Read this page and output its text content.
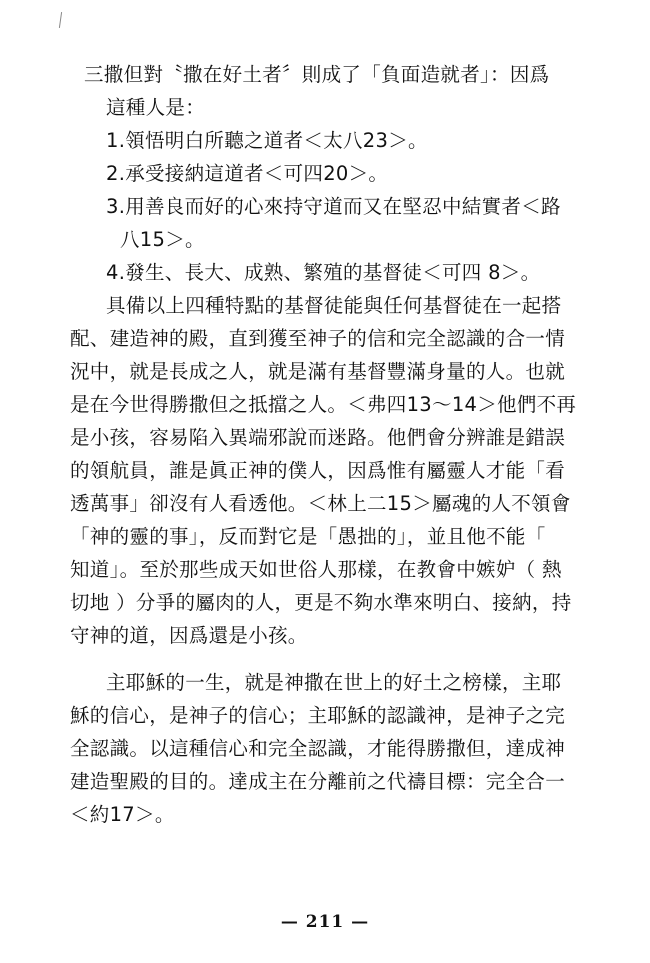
三撒但對〝撒在好土者〞則成了「負面造就者」：因爲
這種人是：
1.領悟明白所聽之道者＜太八23＞。
2.承受接納這道者＜可四20＞。
3.用善良而好的心來持守道而又在堅忍中結實者＜路
八15＞。
4.發生、長大、成熟、繁殖的基督徒＜可四 8＞。
具備以上四種特點的基督徒能與任何基督徒在一起搭
配、建造神的殿，直到獲至神子的信和完全認識的合一情
況中，就是長成之人，就是滿有基督豐滿身量的人。也就
是在今世得勝撒但之抵擋之人。＜弗四13～14＞他們不再
是小孩，容易陷入異端邪說而迷路。他們會分辨誰是錯誤
的領航員，誰是眞正神的僕人，因爲惟有屬靈人才能「看
透萬事」卻沒有人看透他。＜林上二15＞屬魂的人不領會
「神的靈的事」，反而對它是「愚拙的」，並且他不能「
知道」。至於那些成天如世俗人那樣，在教會中嫉妒（ 熱
切地 ）分爭的屬肉的人，更是不夠水準來明白、接納，持
守神的道，因爲還是小孩。
主耶穌的一生，就是神撒在世上的好土之榜樣，主耶
穌的信心，是神子的信心；主耶穌的認識神，是神子之完
全認識。以這種信心和完全認識，才能得勝撒但，達成神
建造聖殿的目的。達成主在分離前之代禱目標：完全合一
＜約17＞。
— 211 —
